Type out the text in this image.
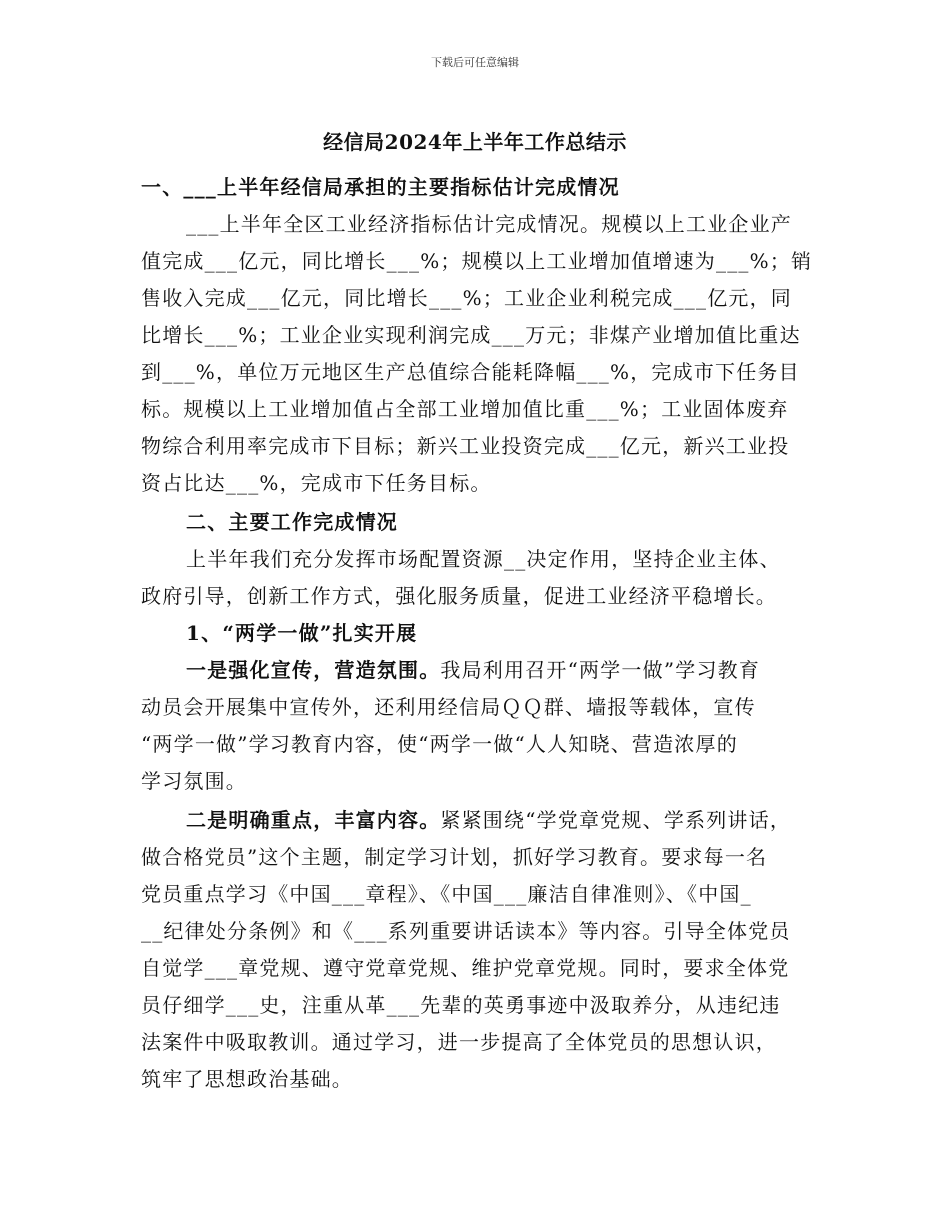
下载后可任意编辑
经信局2024年上半年工作总结示
一、___上半年经信局承担的主要指标估计完成情况
___上半年全区工业经济指标估计完成情况。规模以上工业企业产
值完成___亿元，同比增长___%；规模以上工业增加值增速为___%；销
售收入完成___亿元，同比增长___%；工业企业利税完成___亿元，同
比增长___%；工业企业实现利润完成___万元；非煤产业增加值比重达
到___%，单位万元地区生产总值综合能耗降幅___%，完成市下任务目
标。规模以上工业增加值占全部工业增加值比重___%；工业固体废弃
物综合利用率完成市下目标；新兴工业投资完成___亿元，新兴工业投
资占比达___%，完成市下任务目标。
二、主要工作完成情况
上半年我们充分发挥市场配置资源__决定作用，坚持企业主体、
政府引导，创新工作方式，强化服务质量，促进工业经济平稳增长。
1、“两学一做”扎实开展
一是强化宣传，营造氛围。我局利用召开“两学一做”学习教育
动员会开展集中宣传外，还利用经信局ＱＱ群、墙报等载体，宣传
“两学一做”学习教育内容，使“两学一做“人人知晓、营造浓厚的
学习氛围。
二是明确重点，丰富内容。紧紧围绕“学党章党规、学系列讲话，
做合格党员”这个主题，制定学习计划，抓好学习教育。要求每一名
党员重点学习《中国___章程》、《中国___廉洁自律准则》、《中国_
__纪律处分条例》和《___系列重要讲话读本》等内容。引导全体党员
自觉学___章党规、遵守党章党规、维护党章党规。同时，要求全体党
员仔细学___史，注重从革___先辈的英勇事迹中汲取养分，从违纪违
法案件中吸取教训。通过学习，进一步提高了全体党员的思想认识，
筑牢了思想政治基础。
